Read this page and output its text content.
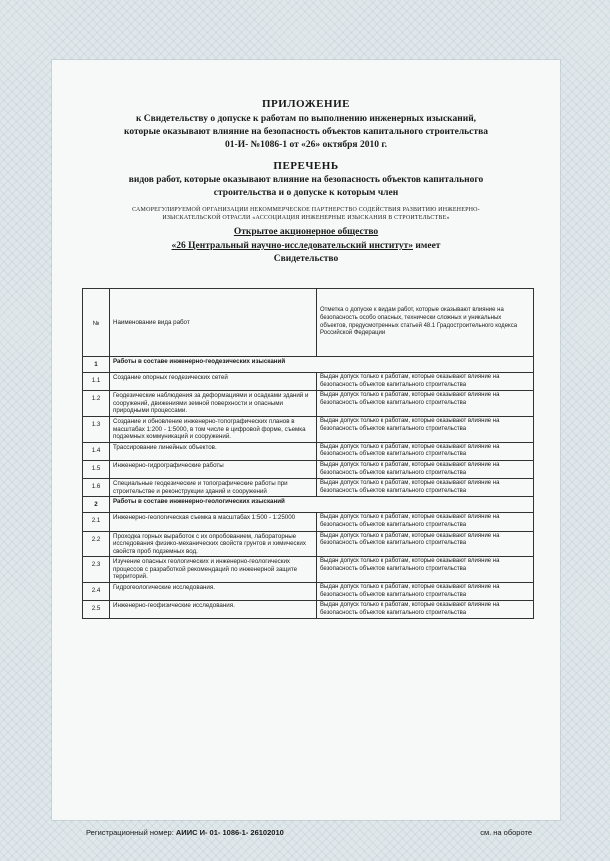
ПРИЛОЖЕНИЕ
к Свидетельству о допуске к работам по выполнению инженерных изысканий,
которые оказывают влияние на безопасность объектов капитального строительства
01-И- №1086-1 от «26» октября 2010 г.
ПЕРЕЧЕНЬ
видов работ, которые оказывают влияние на безопасность объектов капитального
строительства и о допуске к которым член
САМОРЕГУЛИРУЕМОЙ ОРГАНИЗАЦИИ НЕКОММЕРЧЕСКОЕ ПАРТНЕРСТВО СОДЕЙСТВИЯ РАЗВИТИЮ ИНЖЕНЕРНО-
ИЗЫСКАТЕЛЬСКОЙ ОТРАСЛИ «АССОЦИАЦИЯ ИНЖЕНЕРНЫЕ ИЗЫСКАНИЯ В СТРОИТЕЛЬСТВЕ»
Открытое акционерное общество
«26 Центральный научно-исследовательский институт» имеет
Свидетельство
№	Наименование вида работ	Отметка о допуске к видам работ, которые оказывают влияние на безопасность особо опасных, технически сложных и уникальных объектов, предусмотренных статьей 48.1 Градостроительного кодекса Российской Федерации
1	Работы в составе инженерно-геодезических изысканий	
1.1	Создание опорных геодезических сетей	Выдан допуск только к работам, которые оказывают влияние на безопасность объектов капитального строительства
1.2	Геодезические наблюдения за деформациями и осадками зданий и сооружений, движениями земной поверхности и опасными природными процессами.	Выдан допуск только к работам, которые оказывают влияние на безопасность объектов капитального строительства
1.3	Создание и обновление инженерно-топографических планов в масштабах 1:200 - 1:5000, в том числе в цифровой форме, съемка подземных коммуникаций и сооружений.	Выдан допуск только к работам, которые оказывают влияние на безопасность объектов капитального строительства
1.4	Трассирование линейных объектов.	Выдан допуск только к работам, которые оказывают влияние на безопасность объектов капитального строительства
1.5	Инженерно-гидрографические работы	Выдан допуск только к работам, которые оказывают влияние на безопасность объектов капитального строительства
1.6	Специальные геодезические и топографические работы при строительстве и реконструкции зданий и сооружений	Выдан допуск только к работам, которые оказывают влияние на безопасность объектов капитального строительства
2	Работы в составе инженерно-геологических изысканий	
2.1	Инженерно-геологическая съемка в масштабах 1:500 - 1:25000	Выдан допуск только к работам, которые оказывают влияние на безопасность объектов капитального строительства
2.2	Проходка горных выработок с их опробованием, лабораторные исследования физико-механических свойств грунтов и химических свойств проб подземных вод.	Выдан допуск только к работам, которые оказывают влияние на безопасность объектов капитального строительства
2.3	Изучение опасных геологических и инженерно-геологических процессов с разработкой рекомендаций по инженерной защите территорий.	Выдан допуск только к работам, которые оказывают влияние на безопасность объектов капитального строительства
2.4	Гидрогеологические исследования.	Выдан допуск только к работам, которые оказывают влияние на безопасность объектов капитального строительства
2.5	Инженерно-геофизические исследования.	Выдан допуск только к работам, которые оказывают влияние на безопасность объектов капитального строительства
Регистрационный номер: АИИС И- 01- 1086-1- 26102010	см. на обороте
